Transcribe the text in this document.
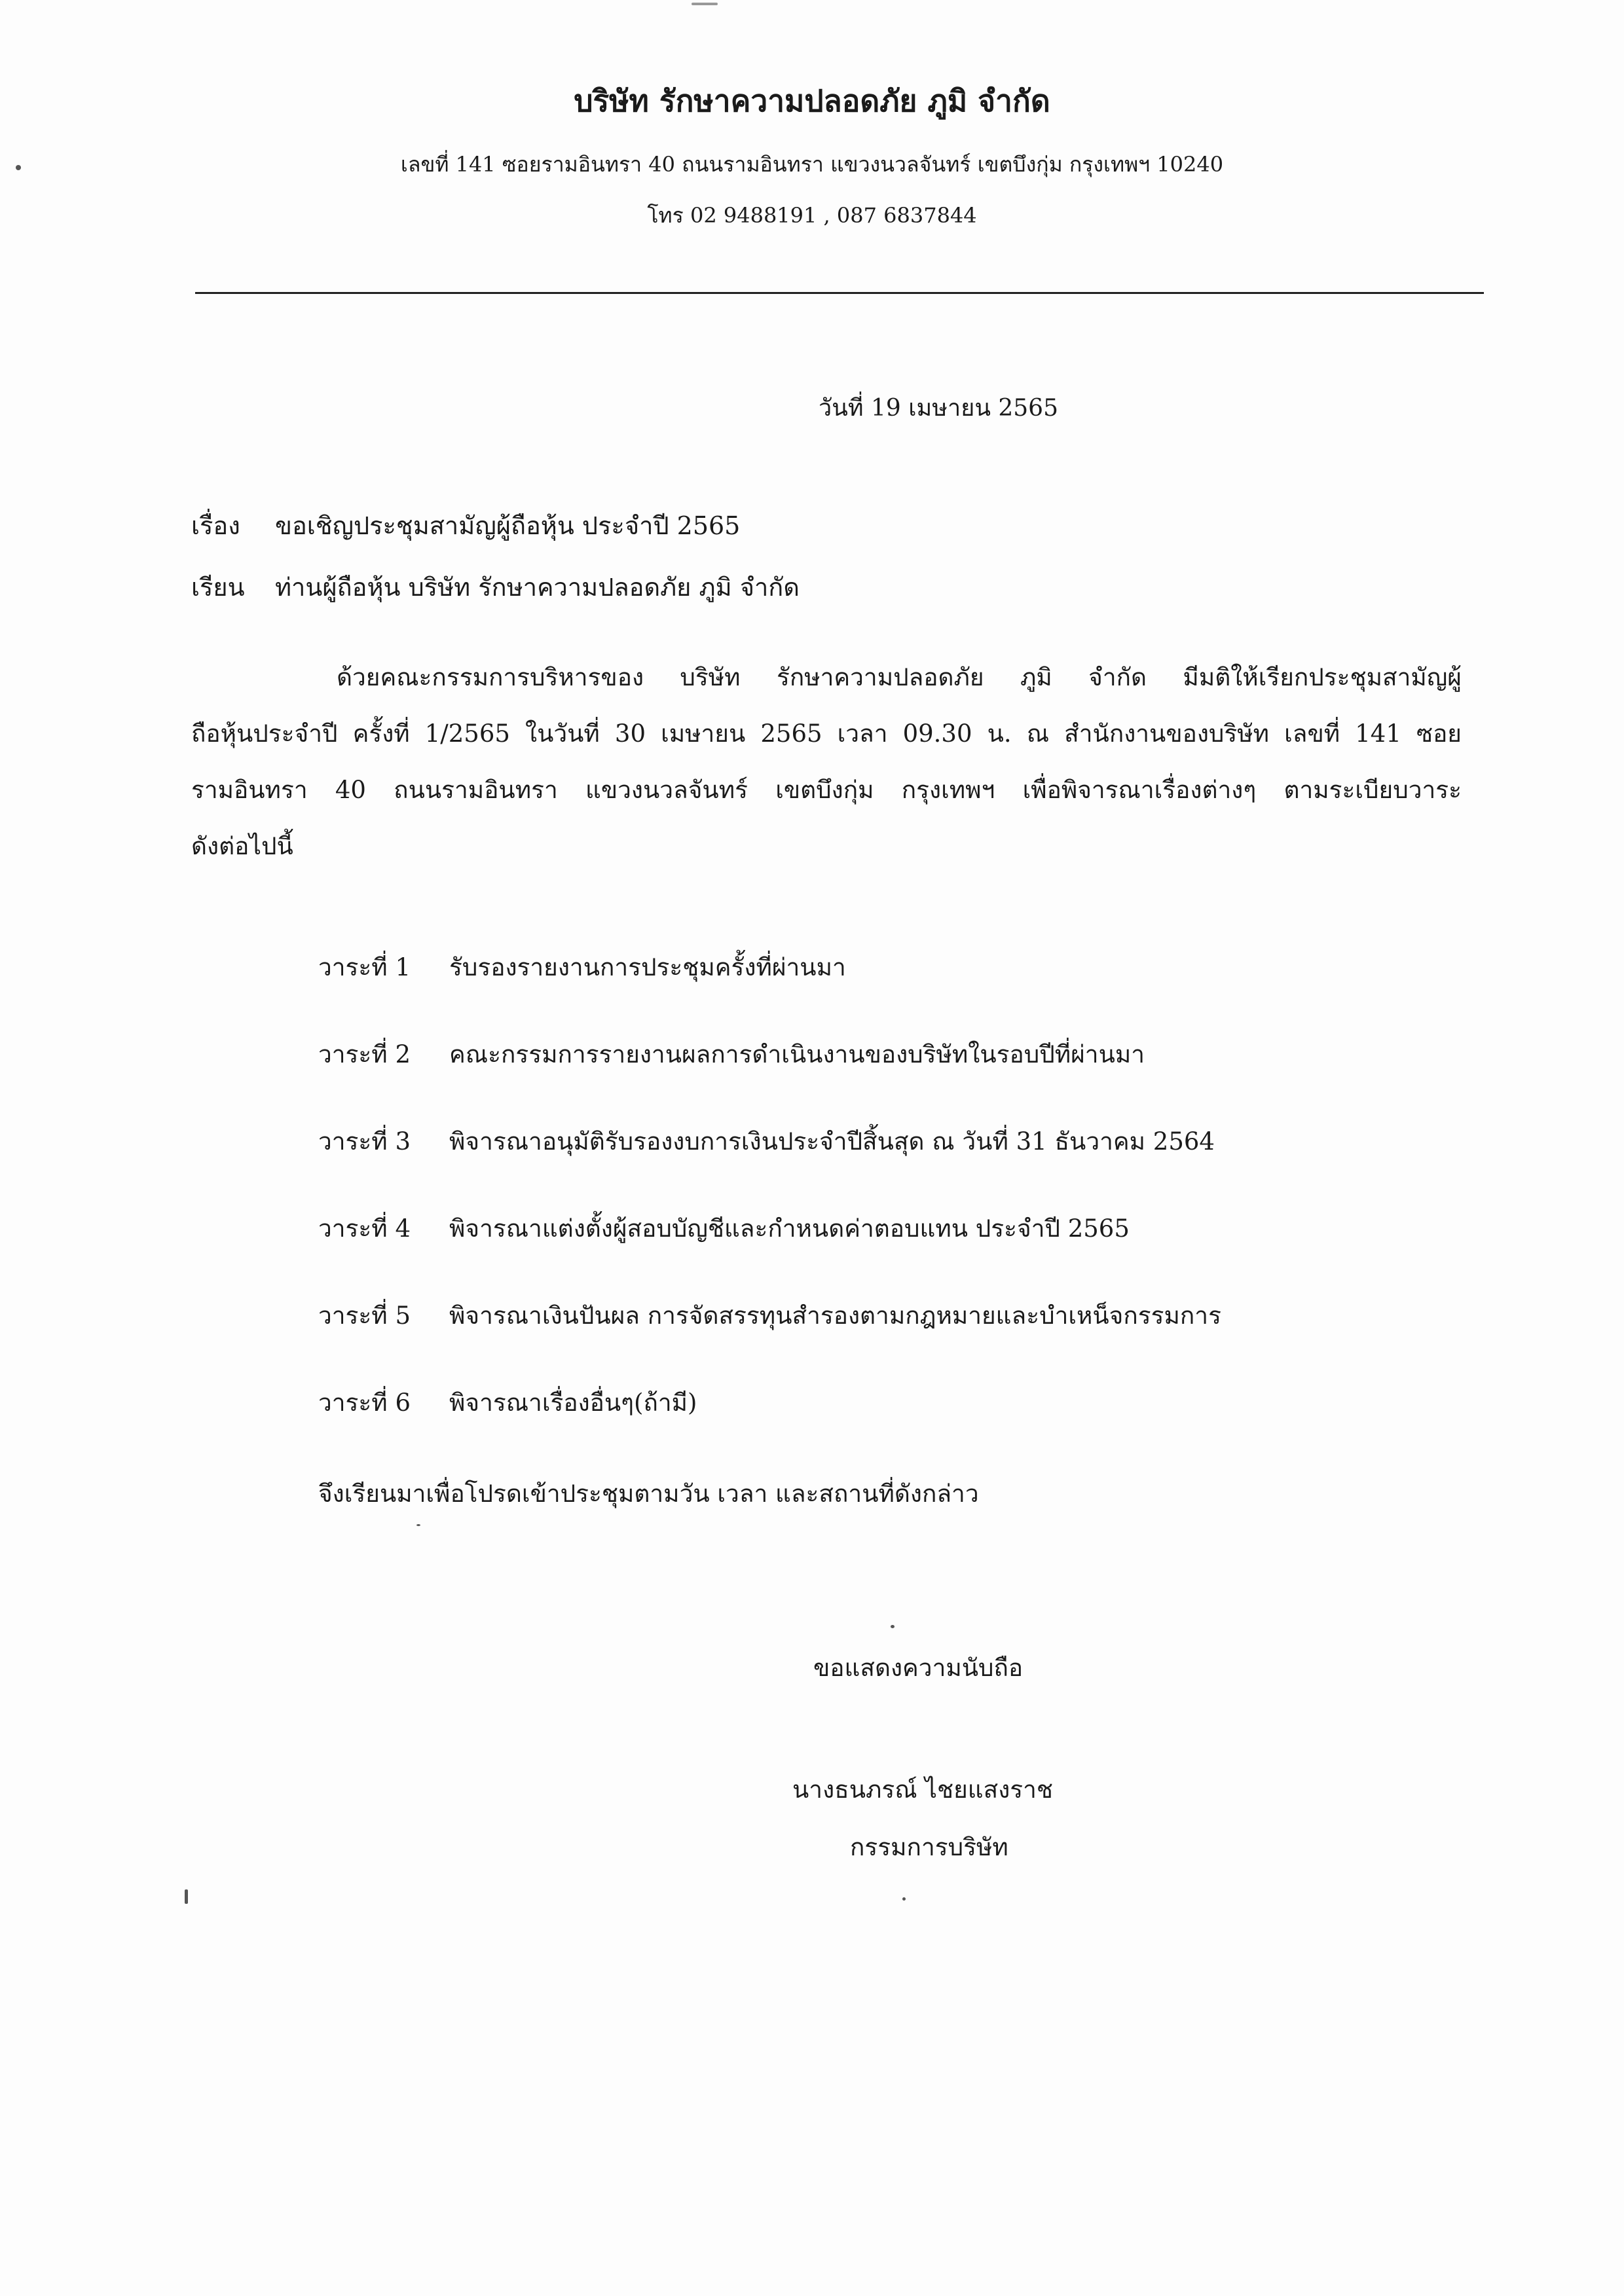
บริษัท รักษาความปลอดภัย ภูมิ จำกัด
เลขที่ 141 ซอยรามอินทรา 40 ถนนรามอินทรา แขวงนวลจันทร์ เขตบึงกุ่ม กรุงเทพฯ 10240
โทร 02 9488191 , 087 6837844
วันที่ 19 เมษายน 2565
เรื่อง ขอเชิญประชุมสามัญผู้ถือหุ้น ประจำปี 2565
เรียน ท่านผู้ถือหุ้น บริษัท รักษาความปลอดภัย ภูมิ จำกัด
ด้วยคณะกรรมการบริหารของ บริษัท รักษาความปลอดภัย ภูมิ จำกัด มีมติให้เรียกประชุมสามัญผู้
ถือหุ้นประจำปี ครั้งที่ 1/2565 ในวันที่ 30 เมษายน 2565 เวลา 09.30 น. ณ สำนักงานของบริษัท เลขที่ 141 ซอย
รามอินทรา 40 ถนนรามอินทรา แขวงนวลจันทร์ เขตบึงกุ่ม กรุงเทพฯ เพื่อพิจารณาเรื่องต่างๆ ตามระเบียบวาระ
ดังต่อไปนี้
วาระที่ 1 รับรองรายงานการประชุมครั้งที่ผ่านมา
วาระที่ 2 คณะกรรมการรายงานผลการดำเนินงานของบริษัทในรอบปีที่ผ่านมา
วาระที่ 3 พิจารณาอนุมัติรับรองงบการเงินประจำปีสิ้นสุด ณ วันที่ 31 ธันวาคม 2564
วาระที่ 4 พิจารณาแต่งตั้งผู้สอบบัญชีและกำหนดค่าตอบแทน ประจำปี 2565
วาระที่ 5 พิจารณาเงินปันผล การจัดสรรทุนสำรองตามกฎหมายและบำเหน็จกรรมการ
วาระที่ 6 พิจารณาเรื่องอื่นๆ(ถ้ามี)
จึงเรียนมาเพื่อโปรดเข้าประชุมตามวัน เวลา และสถานที่ดังกล่าว
ขอแสดงความนับถือ
นางธนภรณ์ ไชยแสงราช
กรรมการบริษัท
